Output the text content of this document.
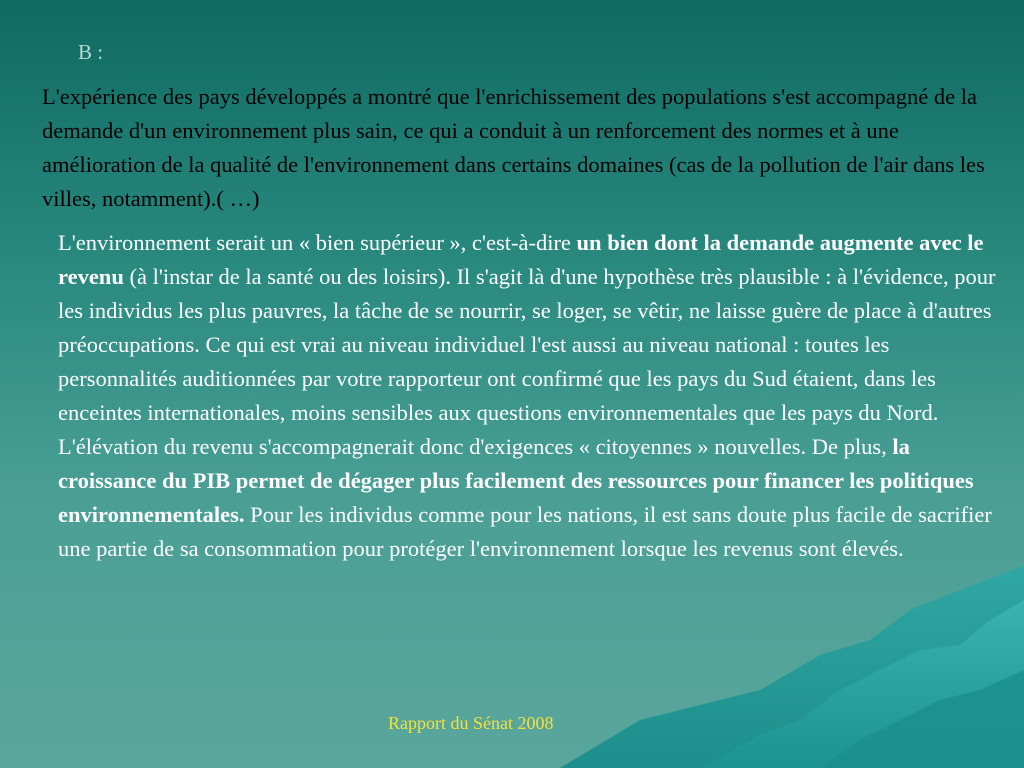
B :

L'expérience des pays développés a montré que l'enrichissement des populations s'est accompagné de la demande d'un environnement plus sain, ce qui a conduit à un renforcement des normes et à une amélioration de la qualité de l'environnement dans certains domaines (cas de la pollution de l'air dans les villes, notamment).( …)

L'environnement serait un « bien supérieur », c'est-à-dire un bien dont la demande augmente avec le revenu (à l'instar de la santé ou des loisirs). Il s'agit là d'une hypothèse très plausible : à l'évidence, pour les individus les plus pauvres, la tâche de se nourrir, se loger, se vêtir, ne laisse guère de place à d'autres préoccupations. Ce qui est vrai au niveau individuel l'est aussi au niveau national : toutes les personnalités auditionnées par votre rapporteur ont confirmé que les pays du Sud étaient, dans les enceintes internationales, moins sensibles aux questions environnementales que les pays du Nord.

L'élévation du revenu s'accompagnerait donc d'exigences « citoyennes » nouvelles. De plus, la croissance du PIB permet de dégager plus facilement des ressources pour financer les politiques environnementales. Pour les individus comme pour les nations, il est sans doute plus facile de sacrifier une partie de sa consommation pour protéger l'environnement lorsque les revenus sont élevés.

Rapport du Sénat 2008
